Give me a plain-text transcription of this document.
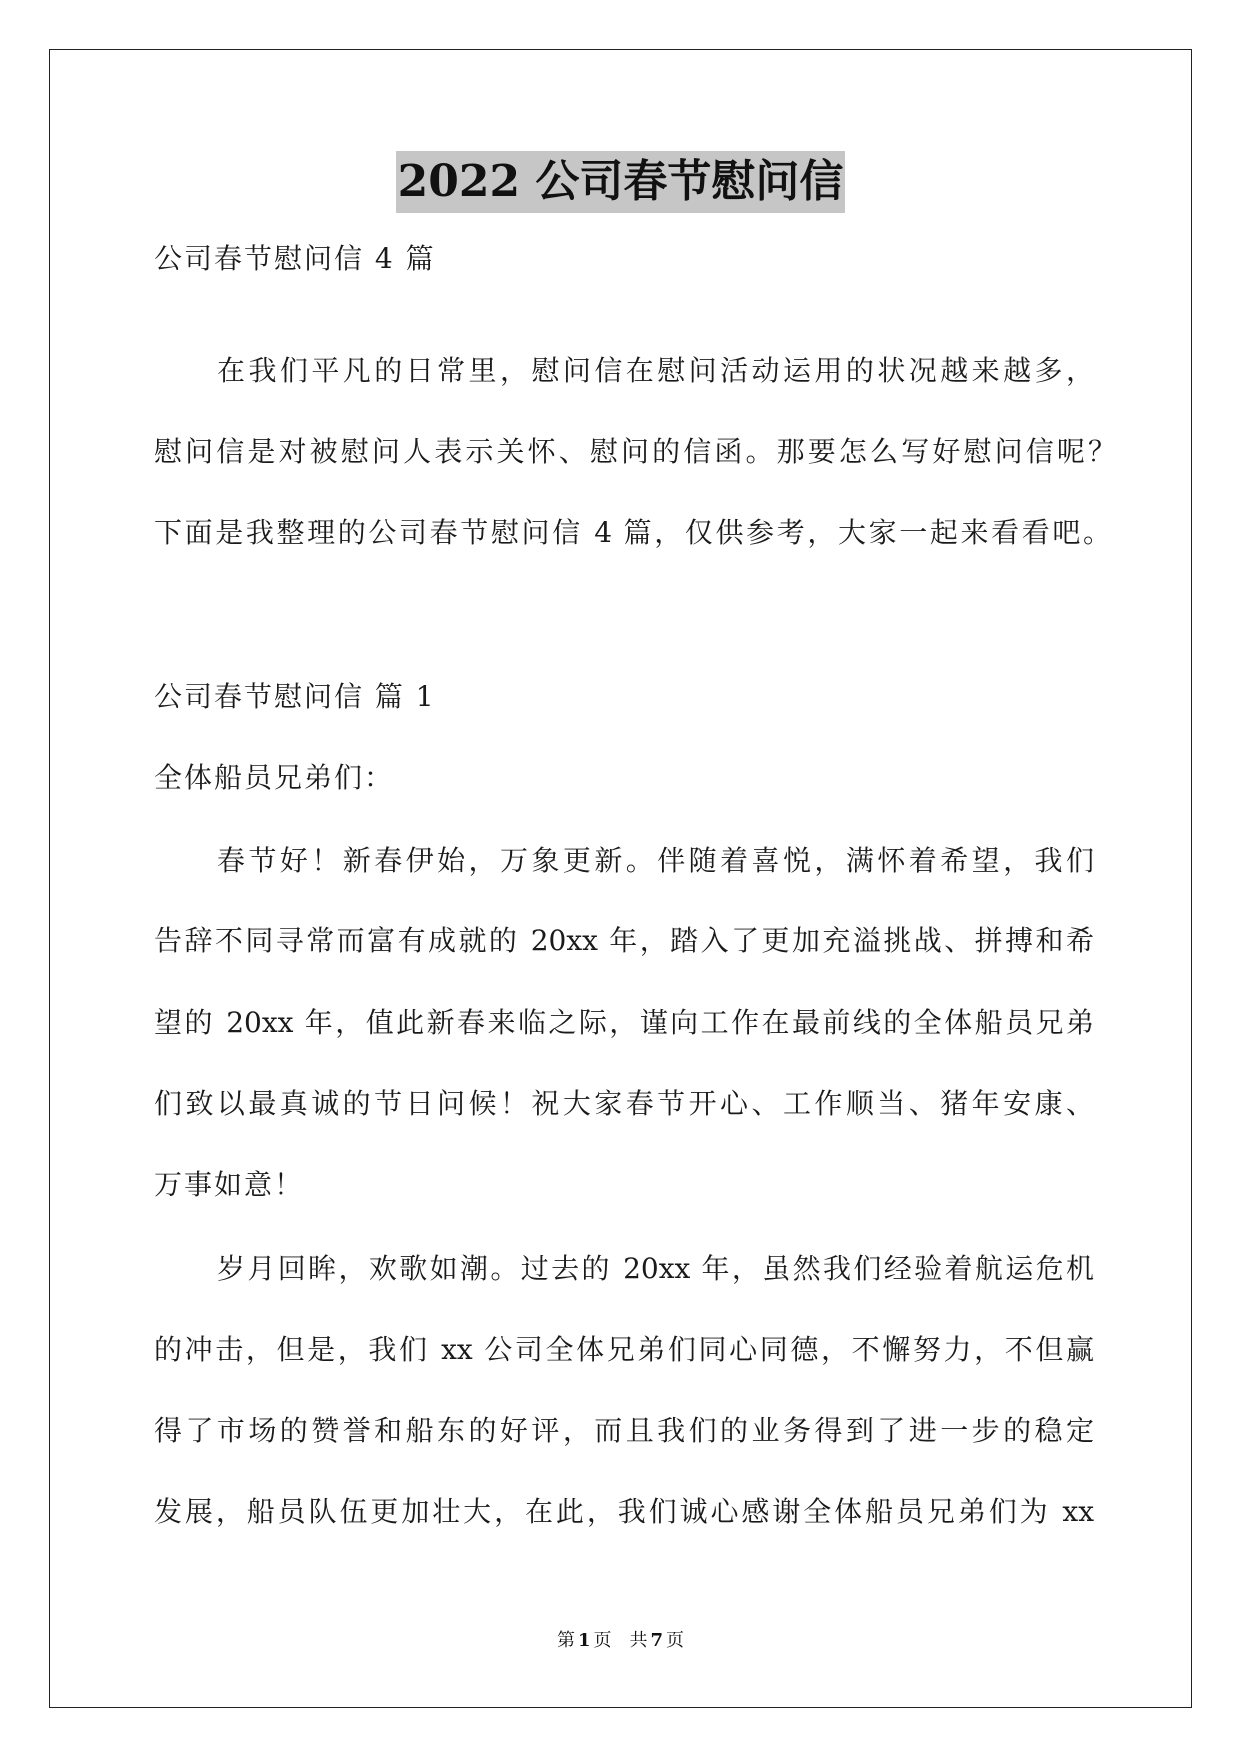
2022 公司春节慰问信
公司春节慰问信 4 篇
在我们平凡的日常里，慰问信在慰问活动运用的状况越来越多，
慰问信是对被慰问人表示关怀、慰问的信函。那要怎么写好慰问信呢？
下面是我整理的公司春节慰问信 4 篇，仅供参考，大家一起来看看吧。
公司春节慰问信 篇 1
全体船员兄弟们：
春节好！新春伊始，万象更新。伴随着喜悦，满怀着希望，我们
告辞不同寻常而富有成就的 20xx 年，踏入了更加充溢挑战、拼搏和希
望的 20xx 年，值此新春来临之际，谨向工作在最前线的全体船员兄弟
们致以最真诚的节日问候！祝大家春节开心、工作顺当、猪年安康、
万事如意！
岁月回眸，欢歌如潮。过去的 20xx 年，虽然我们经验着航运危机
的冲击，但是，我们 xx 公司全体兄弟们同心同德，不懈努力，不但赢
得了市场的赞誉和船东的好评，而且我们的业务得到了进一步的稳定
发展，船员队伍更加壮大，在此，我们诚心感谢全体船员兄弟们为 xx
第 1 页 共 7 页
